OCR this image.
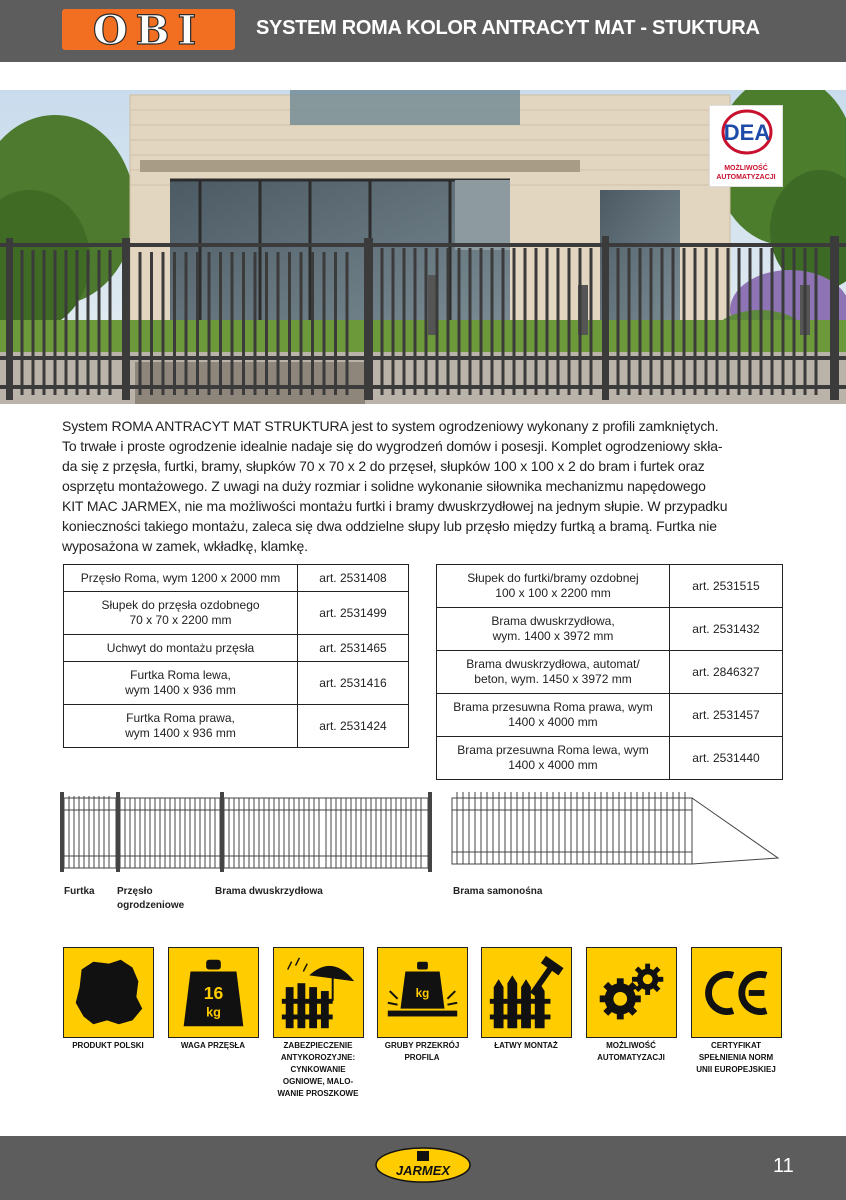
OBI	SYSTEM ROMA KOLOR ANTRACYT MAT - STUKTURA
DEA
MOŻLIWOŚĆ
AUTOMATYZACJI

System ROMA ANTRACYT MAT STRUKTURA jest to system ogrodzeniowy wykonany z profili zamkniętych.

To trwałe i proste ogrodzenie idealnie nadaje się do wygrodzeń domów i posesji. Komplet ogrodzeniowy skła-

da się z przęsła, furtki, bramy, słupków 70 x 70 x 2 do przęseł, słupków 100 x 100 x 2 do bram i furtek oraz

osprzętu montażowego. Z uwagi na duży rozmiar i solidne wykonanie siłownika mechanizmu napędowego

KIT MAC JARMEX, nie ma możliwości montażu furtki i bramy dwuskrzydłowej na jednym słupie. W przypadku

konieczności takiego montażu, zaleca się dwa oddzielne słupy lub przęsło między furtką a bramą. Furtka nie

wyposażona w zamek, wkładkę, klamkę.

Przęsło Roma, wym 1200 x 2000 mm	art. 2531408

Słupek do przęsła ozdobnego
70 x 70 x 2200 mm	art. 2531499

Uchwyt do montażu przęsła	art. 2531465

Furtka Roma lewa,
wym 1400 x 936 mm	art. 2531416

Furtka Roma prawa,
wym 1400 x 936 mm	art. 2531424
Słupek do furtki/bramy ozdobnej
100 x 100 x 2200 mm	art. 2531515

Brama dwuskrzydłowa,
wym. 1400 x 3972 mm	art. 2531432

Brama dwuskrzydłowa, automat/
beton, wym. 1450 x 3972 mm	art. 2846327

Brama przesuwna Roma prawa, wym
1400 x 4000 mm	art. 2531457

Brama przesuwna Roma lewa, wym
1400 x 4000 mm	art. 2531440
Furtka Przęsło
ogrodzeniowe
Brama dwuskrzydłowa	Brama samonośna
16
kg
kg
PRODUKT POLSKI	WAGA PRZĘSŁA	ZABEZPIECZENIE
ANTYKOROZYJNE:
CYNKOWANIE
OGNIOWE, MALO-
WANIE PROSZKOWE
GRUBY PRZEKRÓJ
PROFILA
ŁATWY MONTAŻ	MOŻLIWOŚĆ
AUTOMATYZACJI
CERTYFIKAT
SPEŁNIENIA NORM
UNII EUROPEJSKIEJ
JARMEX	11
